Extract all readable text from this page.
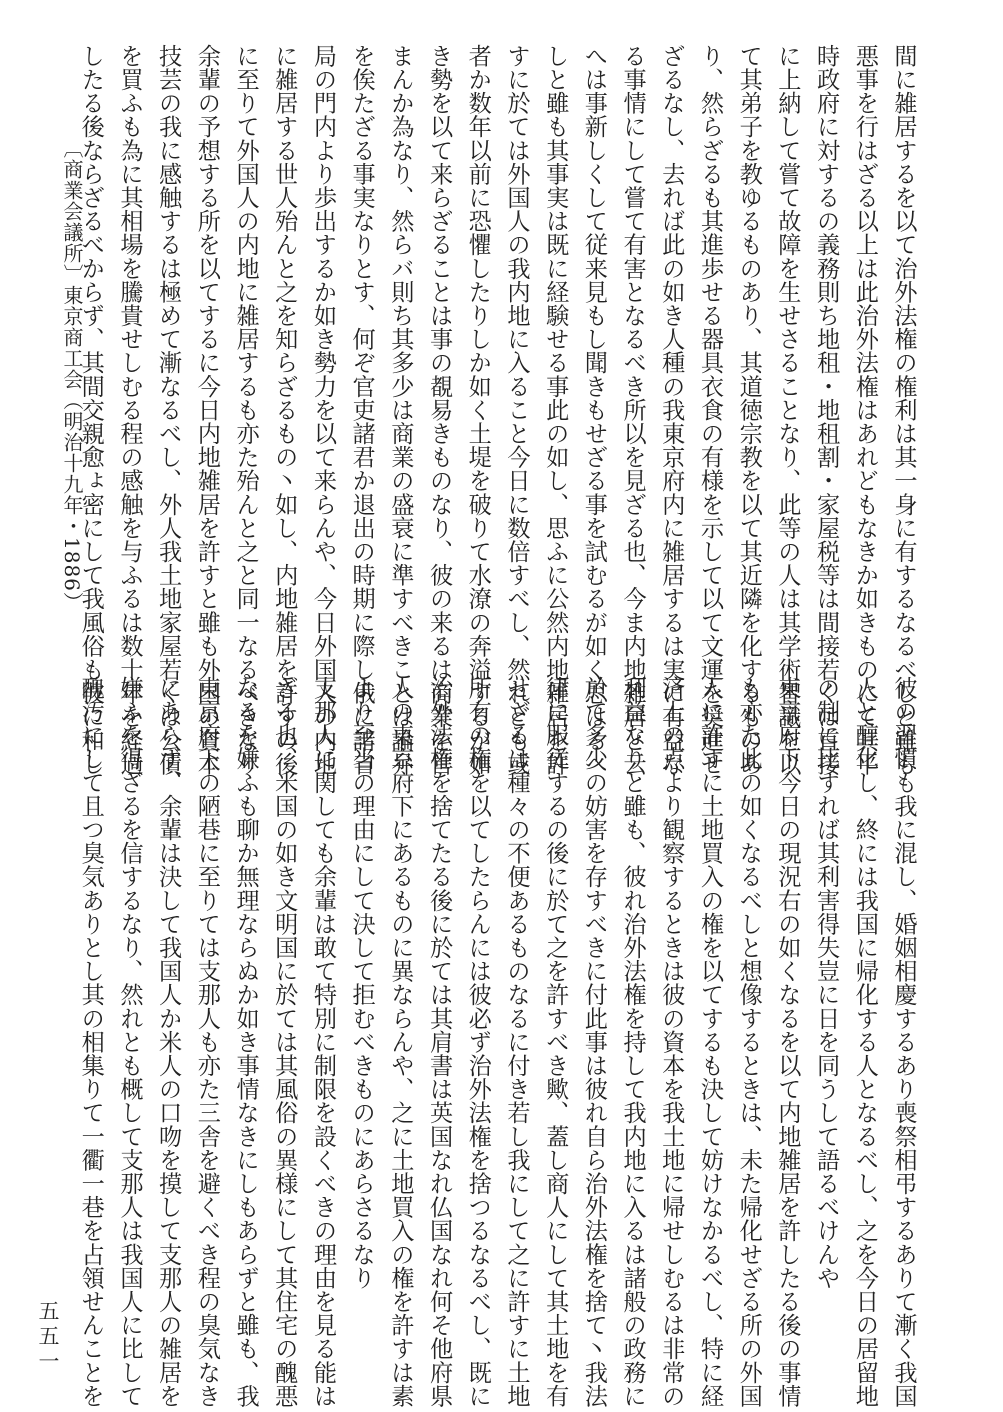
間に雑居するを以て治外法権の権利は其一身に有するなるべしと雖も
悪事を行はざる以上は此治外法権はあれどもなきか如きものにて其平
時政府に対するの義務則ち地租・地租割・家屋税等は間接若くは直接
に上納して嘗て故障を生せさることなり、此等の人は其学術智識を以
て其弟子を教ゆるものあり、其道徳宗教を以て其近隣を化するものあ
り、然らざるも其進歩せる器具衣食の有様を示して以て文運を奨進せ
ざるなし、去れば此の如き人種の我東京府内に雑居するは実に有益な
る事情にして嘗て有害となるべき所以を見ざる也、今ま内地雑居と云
へは事新しくして従来見もし聞きもせざる事を試むるが如く思はるへ
しと雖も其事実は既に経験せる事此の如し、思ふに公然内地雑居を許
すに於ては外国人の我内地に入ること今日に数倍すべし、然れども或
者か数年以前に恐懼したりしか如く土堤を破りて水潦の奔溢するが如
き勢を以て来らざることは事の覩易きものなり、彼の来るは商業を営
まんか為なり、然らバ則ち其多少は商業の盛衰に準すべきことは論弁
を俟たざる事実なりとす、何ぞ官吏諸君か退出の時期に際し俄に諸省
局の門内より歩出するか如き勢力を以て来らんや、今日外国人の内地
に雑居する世人殆んと之を知らざるもの丶如し、内地雑居を許すの後
に至りて外国人の内地に雑居するも亦た殆んと之と同一なるべきなり
余輩の予想する所を以てするに今日内地雑居を許すと雖も外国の資本
技芸の我に感触するは極めて漸なるべし、外人我土地家屋若くは公債
を買ふも為に其相場を騰貴せしむる程の感触を与ふるは数十年を経過
したる後ならざるべからず、其間交親愈ょ密にして我風俗も彼に和し
彼の習慣も我に混し、婚姻相慶するあり喪祭相弔するありて漸く我国
人と醇化し、終には我国に帰化する人となるべし、之を今日の居留地
の制に比すれば其利害得失豈に日を同うして語るべけんや
東京府下今日の現況右の如くなるを以て内地雑居を許したる後の事情
も亦た此の如くなるべしと想像するときは、未た帰化せざる所の外国
人に許すに土地買入の権を以てするも決して妨けなかるべし、特に経
済上の点より観察するときは彼の資本を我土地に帰せしむるは非常の
利益なりと雖も、彼れ治外法権を持して我内地に入るは諸般の政務に
於て多少の妨害を存すべきに付此事は彼れ自ら治外法権を捨て丶我法
律に服従するの後に於て之を許すべき歟、蓋し商人にして其土地を有
せざるは種々の不便あるものなるに付き若し我にして之に許すに土地
所有の権を以てしたらんには彼必ず治外法権を捨つるなるべし、既に
治外法権を捨てたる後に於ては其肩書は英国なれ仏国なれ何そ他府県
人の東京府下にあるものに異ならんや、之に土地買入の権を許すは素
より至当の理由にして決して拒むべきものにあらさるなり
支那人に関しても余輩は敢て特別に制限を設くべきの理由を見る能は
ざる也、米国の如き文明国に於ては其風俗の異様にして其住宅の醜悪
なるを嫌ふも聊か無理ならぬか如き事情なきにしもあらずと雖も、我
東京府下の陋巷に至りては支那人も亦た三舎を避くべき程の臭気なき
にあらず、余輩は決して我国人か米人の口吻を摸して支那人の雑居を
嫌ふを得ざるを信するなり、然れとも概して支那人は我国人に比して
醜汚にして且つ臭気ありとし其の相集りて一衢一巷を占領せんことを
〔商業会議所〕東京商工会（明治十九年・1886）
五五一
